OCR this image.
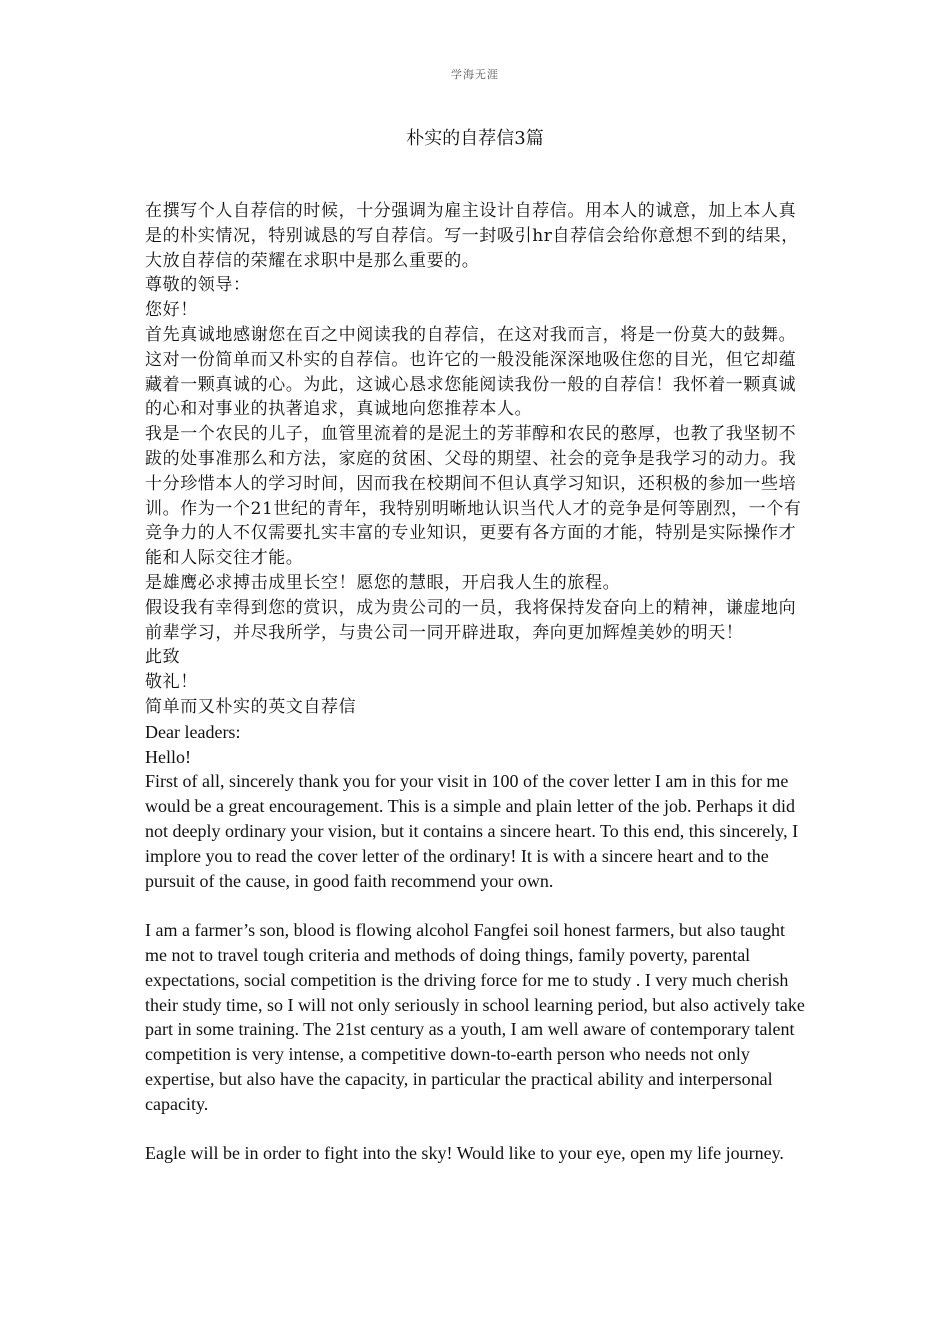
学海无涯
朴实的自荐信3篇

在撰写个人自荐信的时候，十分强调为雇主设计自荐信。用本人的诚意，加上本人真是的朴实情况，特别诚恳的写自荐信。写一封吸引hr自荐信会给你意想不到的结果，大放自荐信的荣耀在求职中是那么重要的。

尊敬的领导：

您好！

首先真诚地感谢您在百之中阅读我的自荐信，在这对我而言，将是一份莫大的鼓舞。这对一份简单而又朴实的自荐信。也许它的一般没能深深地吸住您的目光，但它却蕴藏着一颗真诚的心。为此，这诚心恳求您能阅读我份一般的自荐信！我怀着一颗真诚的心和对事业的执著追求，真诚地向您推荐本人。

我是一个农民的儿子，血管里流着的是泥土的芳菲醇和农民的憨厚，也教了我坚韧不跋的处事准那么和方法，家庭的贫困、父母的期望、社会的竞争是我学习的动力。我十分珍惜本人的学习时间，因而我在校期间不但认真学习知识，还积极的参加一些培训。作为一个21世纪的青年，我特别明晰地认识当代人才的竞争是何等剧烈，一个有竞争力的人不仅需要扎实丰富的专业知识，更要有各方面的才能，特别是实际操作才能和人际交往才能。

是雄鹰必求搏击成里长空！愿您的慧眼，开启我人生的旅程。

假设我有幸得到您的赏识，成为贵公司的一员，我将保持发奋向上的精神，谦虚地向前辈学习，并尽我所学，与贵公司一同开辟进取，奔向更加辉煌美妙的明天！

此致

敬礼！

简单而又朴实的英文自荐信

Dear leaders:

Hello!

First of all, sincerely thank you for your visit in 100 of the cover letter I am in this for me would be a great encouragement. This is a simple and plain letter of the job. Perhaps it did not deeply ordinary your vision, but it contains a sincere heart. To this end, this sincerely, I implore you to read the cover letter of the ordinary! It is with a sincere heart and to the pursuit of the cause, in good faith recommend your own.

I am a farmer’s son, blood is flowing alcohol Fangfei soil honest farmers, but also taught me not to travel tough criteria and methods of doing things, family poverty, parental expectations, social competition is the driving force for me to study . I very much cherish their study time, so I will not only seriously in school learning period, but also actively take part in some training. The 21st century as a youth, I am well aware of contemporary talent competition is very intense, a competitive down-to-earth person who needs not only expertise, but also have the capacity, in particular the practical ability and interpersonal capacity.

Eagle will be in order to fight into the sky! Would like to your eye, open my life journey.
